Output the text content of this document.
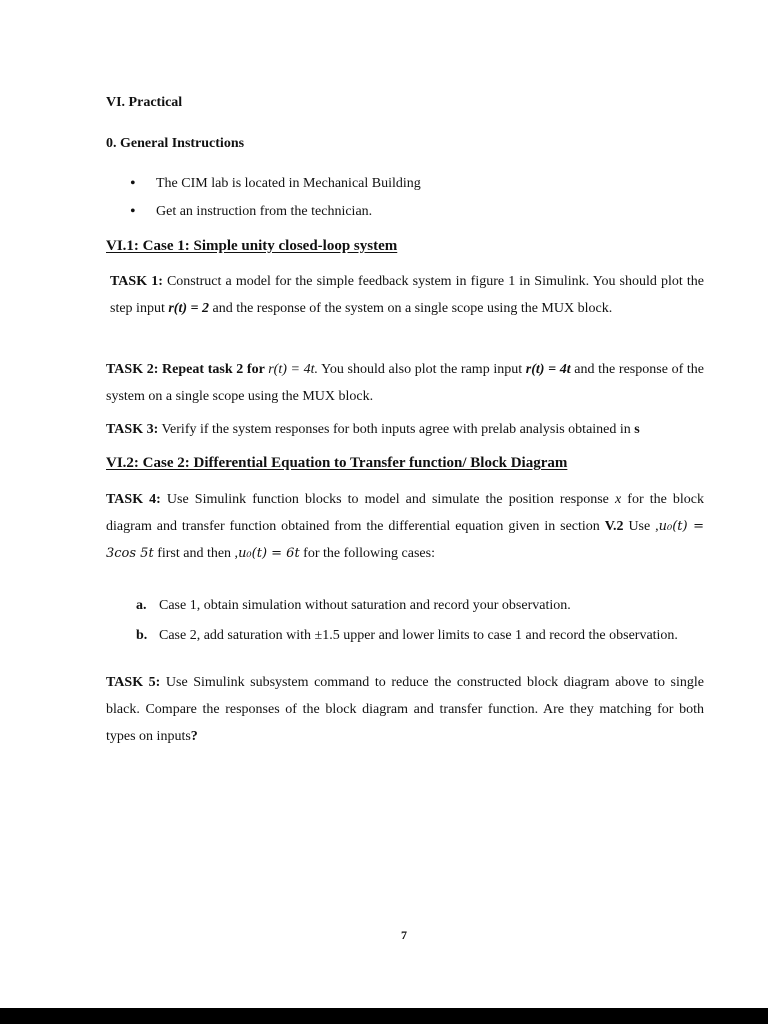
VI. Practical
0. General Instructions
• The CIM lab is located in Mechanical Building
• Get an instruction from the technician.
VI.1: Case 1: Simple unity closed-loop system
TASK 1: Construct a model for the simple feedback system in figure 1 in Simulink. You should plot the step input r(t) = 2 and the response of the system on a single scope using the MUX block.
TASK 2: Repeat task 2 for r(t) = 4t. You should also plot the ramp input r(t) = 4t and the response of the system on a single scope using the MUX block.
TASK 3: Verify if the system responses for both inputs agree with prelab analysis obtained in s
VI.2: Case 2: Differential Equation to Transfer function/ Block Diagram
TASK 4: Use Simulink function blocks to model and simulate the position response x for the block diagram and transfer function obtained from the differential equation given in section V.2 Use ,u₀(t) = 3cos 5t first and then ,u₀(t) = 6t for the following cases:
a. Case 1, obtain simulation without saturation and record your observation.
b. Case 2, add saturation with ±1.5 upper and lower limits to case 1 and record the observation.
TASK 5: Use Simulink subsystem command to reduce the constructed block diagram above to single black. Compare the responses of the block diagram and transfer function. Are they matching for both types on inputs?
7
